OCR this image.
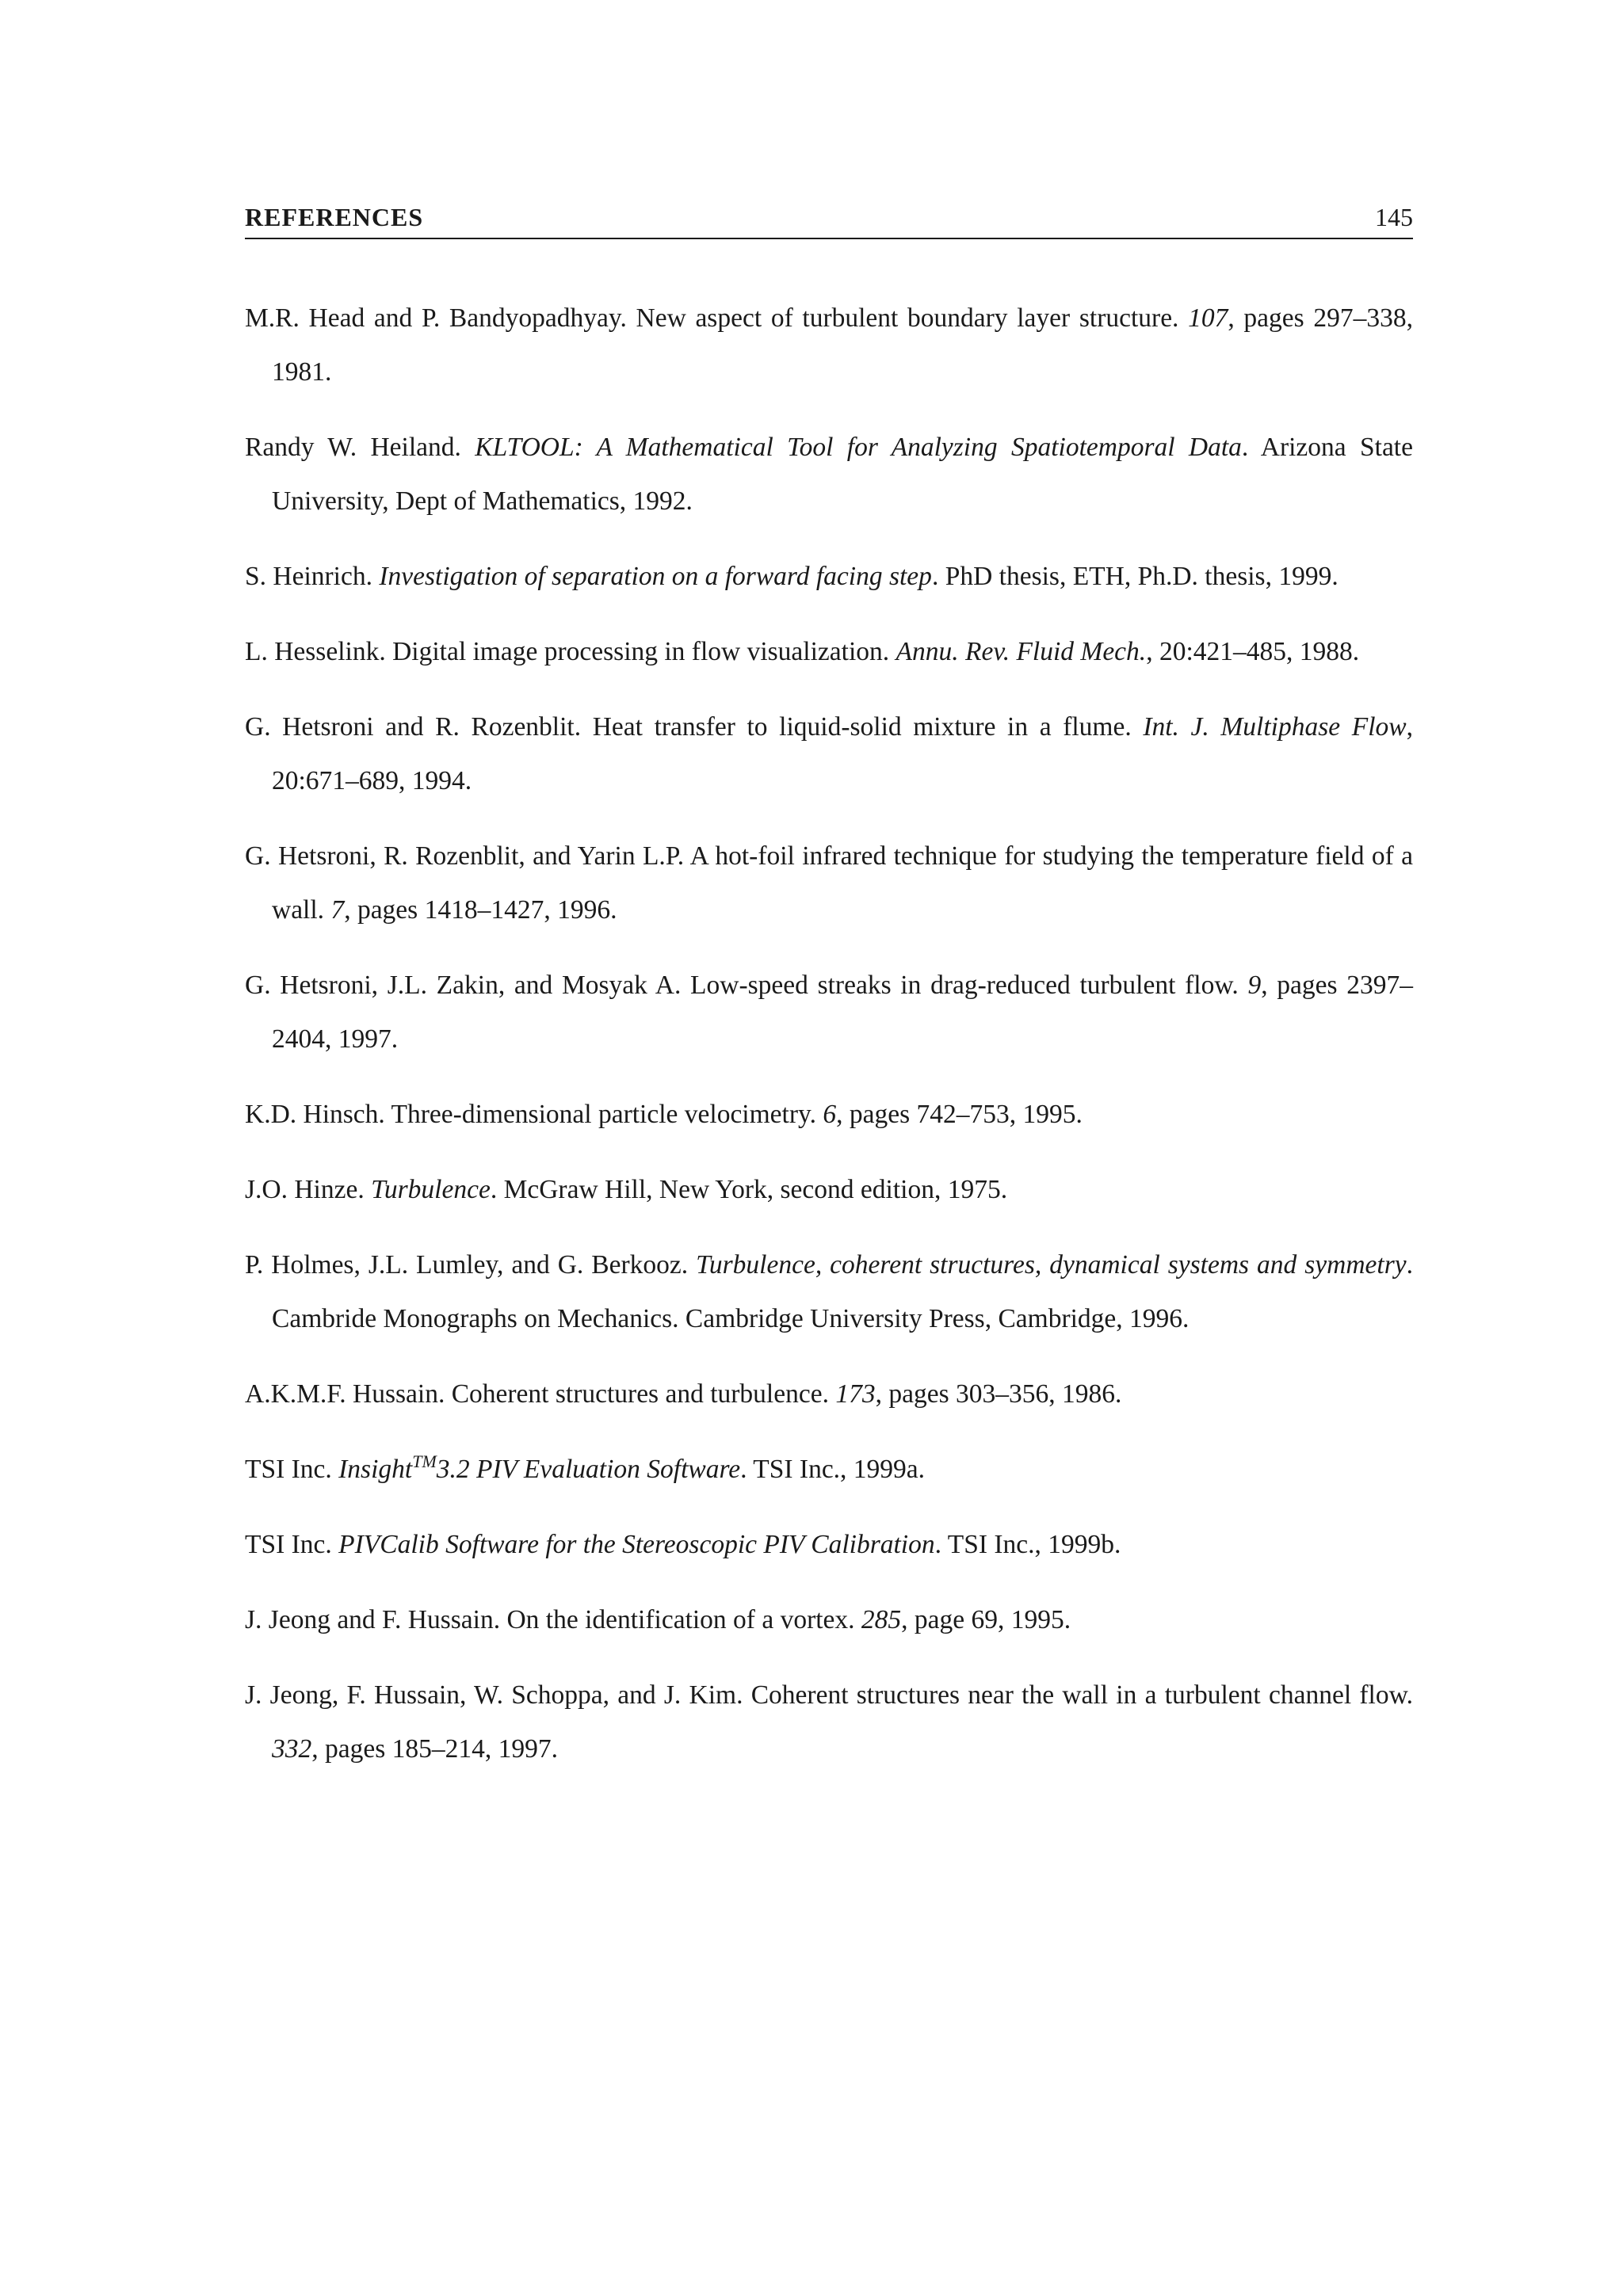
REFERENCES	145
M.R. Head and P. Bandyopadhyay. New aspect of turbulent boundary layer structure. 107, pages 297–338, 1981.
Randy W. Heiland. KLTOOL: A Mathematical Tool for Analyzing Spatiotemporal Data. Arizona State University, Dept of Mathematics, 1992.
S. Heinrich. Investigation of separation on a forward facing step. PhD thesis, ETH, Ph.D. thesis, 1999.
L. Hesselink. Digital image processing in flow visualization. Annu. Rev. Fluid Mech., 20:421–485, 1988.
G. Hetsroni and R. Rozenblit. Heat transfer to liquid-solid mixture in a flume. Int. J. Multiphase Flow, 20:671–689, 1994.
G. Hetsroni, R. Rozenblit, and Yarin L.P. A hot-foil infrared technique for studying the temperature field of a wall. 7, pages 1418–1427, 1996.
G. Hetsroni, J.L. Zakin, and Mosyak A. Low-speed streaks in drag-reduced turbulent flow. 9, pages 2397–2404, 1997.
K.D. Hinsch. Three-dimensional particle velocimetry. 6, pages 742–753, 1995.
J.O. Hinze. Turbulence. McGraw Hill, New York, second edition, 1975.
P. Holmes, J.L. Lumley, and G. Berkooz. Turbulence, coherent structures, dynamical systems and symmetry. Cambride Monographs on Mechanics. Cambridge University Press, Cambridge, 1996.
A.K.M.F. Hussain. Coherent structures and turbulence. 173, pages 303–356, 1986.
TSI Inc. Insight™3.2 PIV Evaluation Software. TSI Inc., 1999a.
TSI Inc. PIVCalib Software for the Stereoscopic PIV Calibration. TSI Inc., 1999b.
J. Jeong and F. Hussain. On the identification of a vortex. 285, page 69, 1995.
J. Jeong, F. Hussain, W. Schoppa, and J. Kim. Coherent structures near the wall in a turbulent channel flow. 332, pages 185–214, 1997.
